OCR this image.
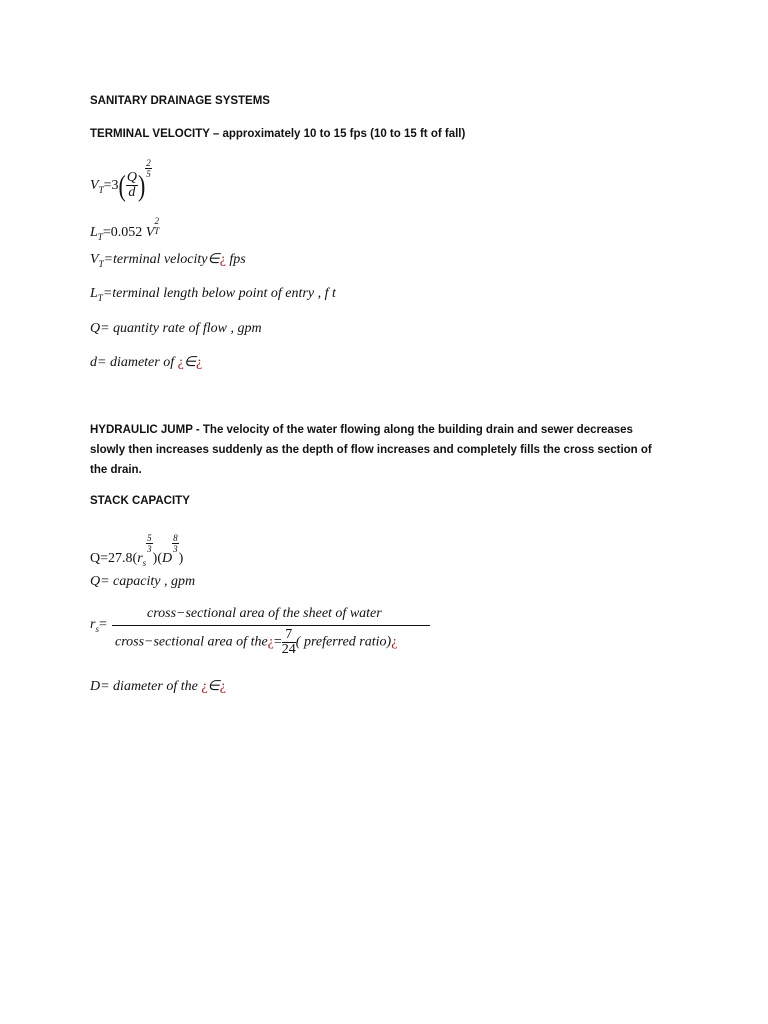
SANITARY DRAINAGE SYSTEMS
TERMINAL VELOCITY – approximately 10 to 15 fps (10 to 15 ft of fall)
$V_T=3( \frac{Q}{d}$ ) $\frac{2}{5}$
$L_T=0.052$ V
2
T
$V_T=terminal$ velocity∈¿ fps
$L_T=terminal$ length below point of entry , f t
Q= quantity rate of flow , gpm
d= diameter of ¿∈¿
HYDRAULIC JUMP - The velocity of the water flowing along the building drain and sewer decreases slowly then increases suddenly as the depth of flow increases and completely fills the cross section of the drain.
STACK CAPACITY
$Q=27.8(r_s$
$\frac{5}{3}$
)(D
$\frac{8}{3}$
)
Q= capacity , gpm
$r_s=$
cross−sectional area of the sheet of water
cross−sectional area of the¿= $\frac{7}{24}$ ( preferred ratio)¿
D= diameter of the ¿∈¿
